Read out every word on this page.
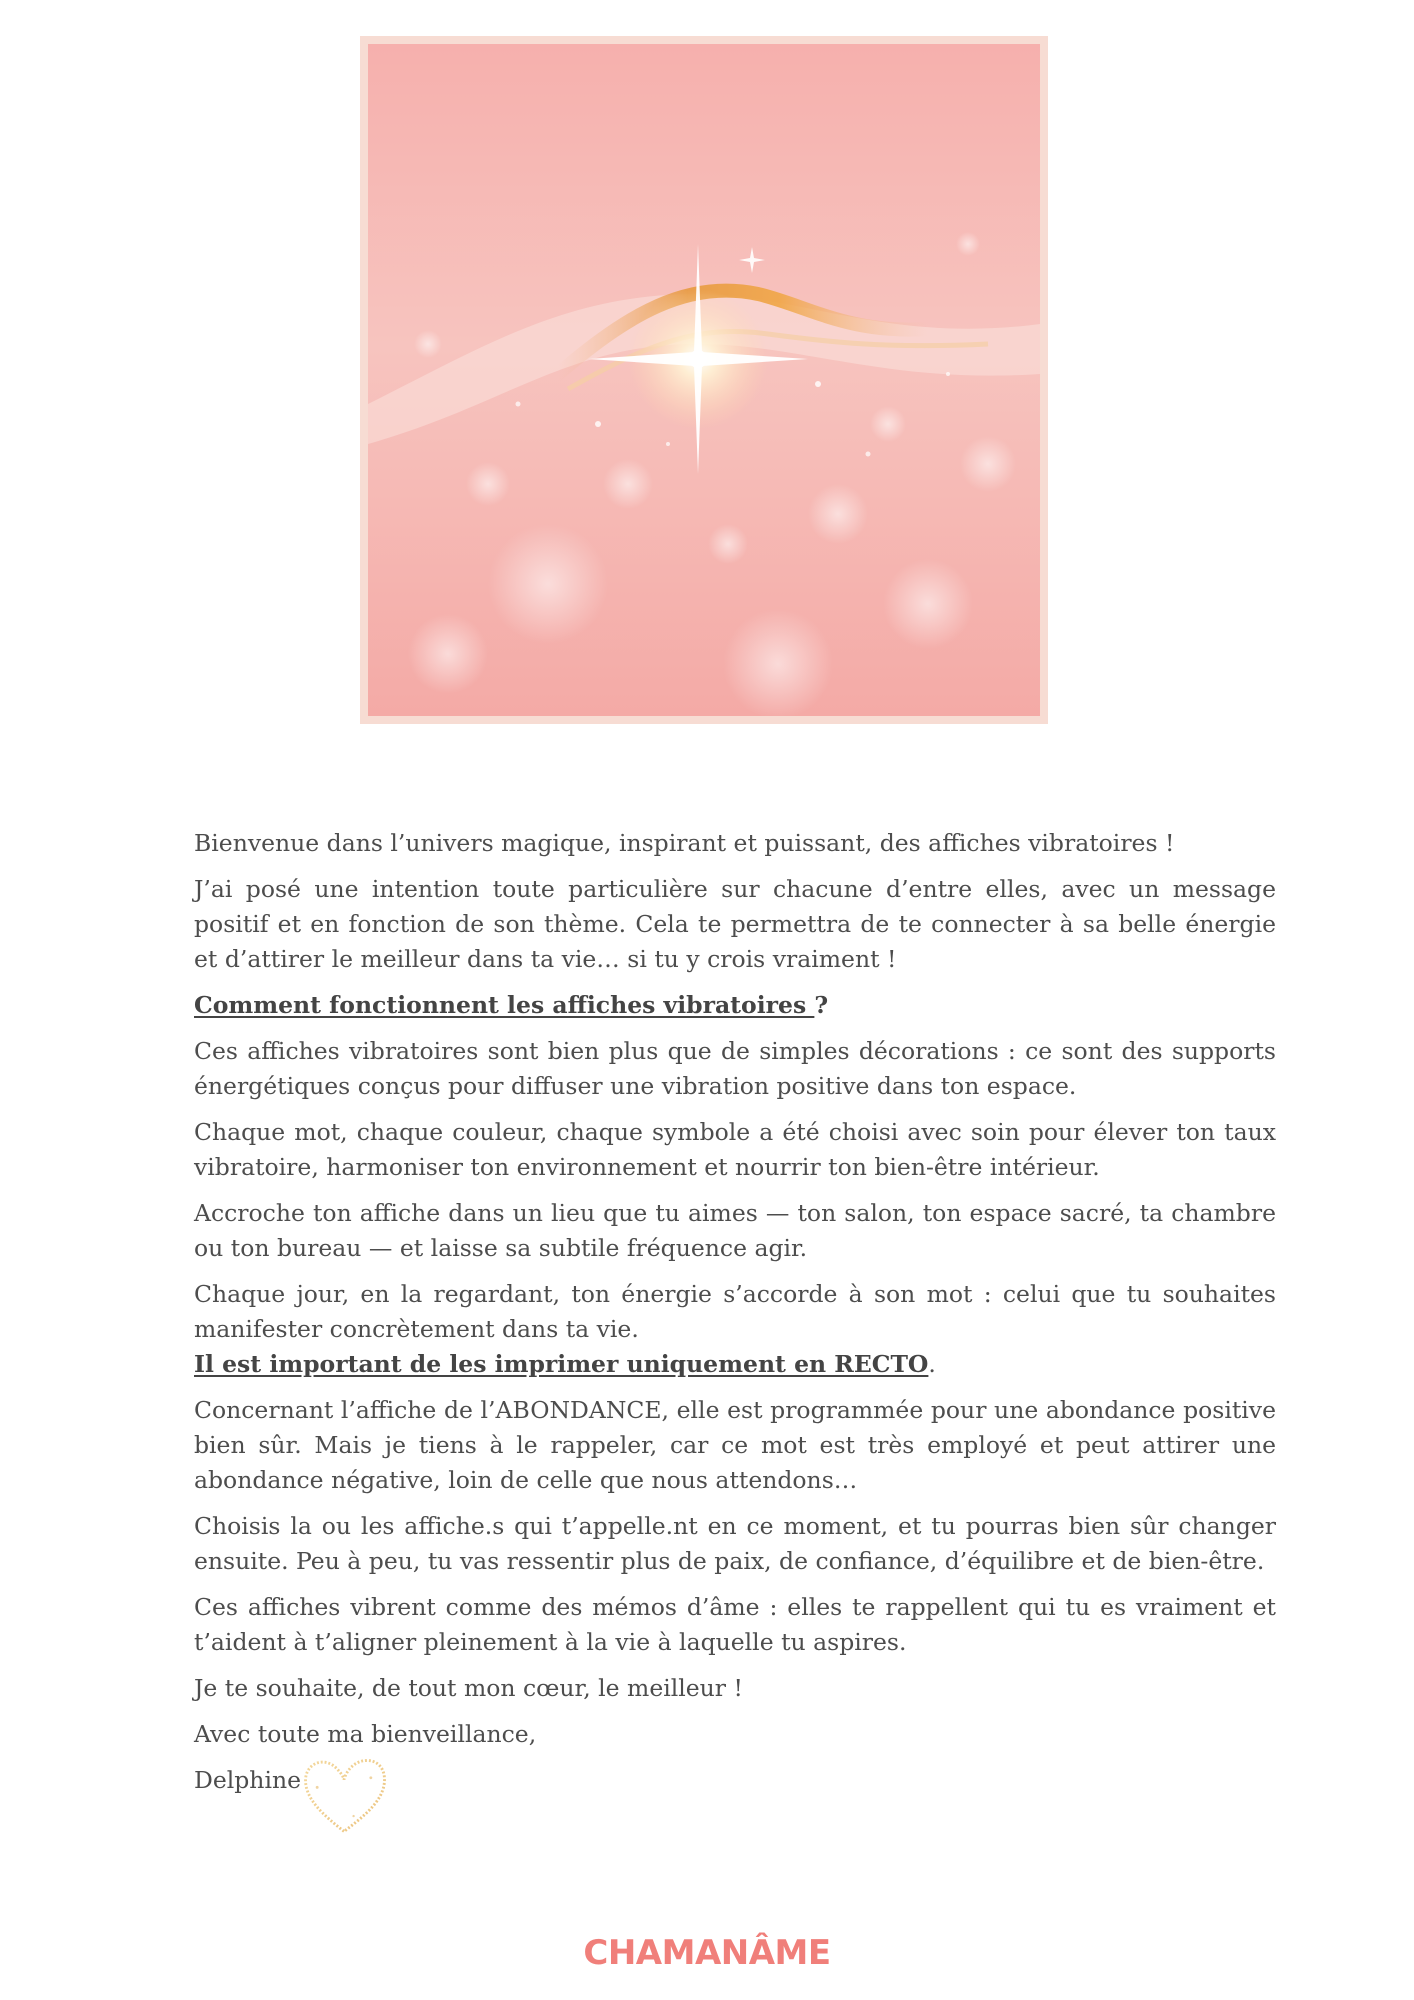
Bienvenue dans l’univers magique, inspirant et puissant, des affiches vibratoires !

J’ai posé une intention toute particulière sur chacune d’entre elles, avec un message positif et en fonction de son thème. Cela te permettra de te connecter à sa belle énergie et d’attirer le meilleur dans ta vie… si tu y crois vraiment !

Comment fonctionnent les affiches vibratoires ?

Ces affiches vibratoires sont bien plus que de simples décorations : ce sont des supports énergétiques conçus pour diffuser une vibration positive dans ton espace.

Chaque mot, chaque couleur, chaque symbole a été choisi avec soin pour élever ton taux vibratoire, harmoniser ton environnement et nourrir ton bien-être intérieur.

Accroche ton affiche dans un lieu que tu aimes — ton salon, ton espace sacré, ta chambre ou ton bureau — et laisse sa subtile fréquence agir.

Chaque jour, en la regardant, ton énergie s’accorde à son mot : celui que tu souhaites manifester concrètement dans ta vie.

Il est important de les imprimer uniquement en RECTO.

Concernant l’affiche de l’ABONDANCE, elle est programmée pour une abondance positive bien sûr. Mais je tiens à le rappeler, car ce mot est très employé et peut attirer une abondance négative, loin de celle que nous attendons…

Choisis la ou les affiche.s qui t’appelle.nt en ce moment, et tu pourras bien sûr changer ensuite. Peu à peu, tu vas ressentir plus de paix, de confiance, d’équilibre et de bien-être.

Ces affiches vibrent comme des mémos d’âme : elles te rappellent qui tu es vraiment et t’aident à t’aligner pleinement à la vie à laquelle tu aspires.

Je te souhaite, de tout mon cœur, le meilleur !

Avec toute ma bienveillance,

Delphine

CHAMANÂME
